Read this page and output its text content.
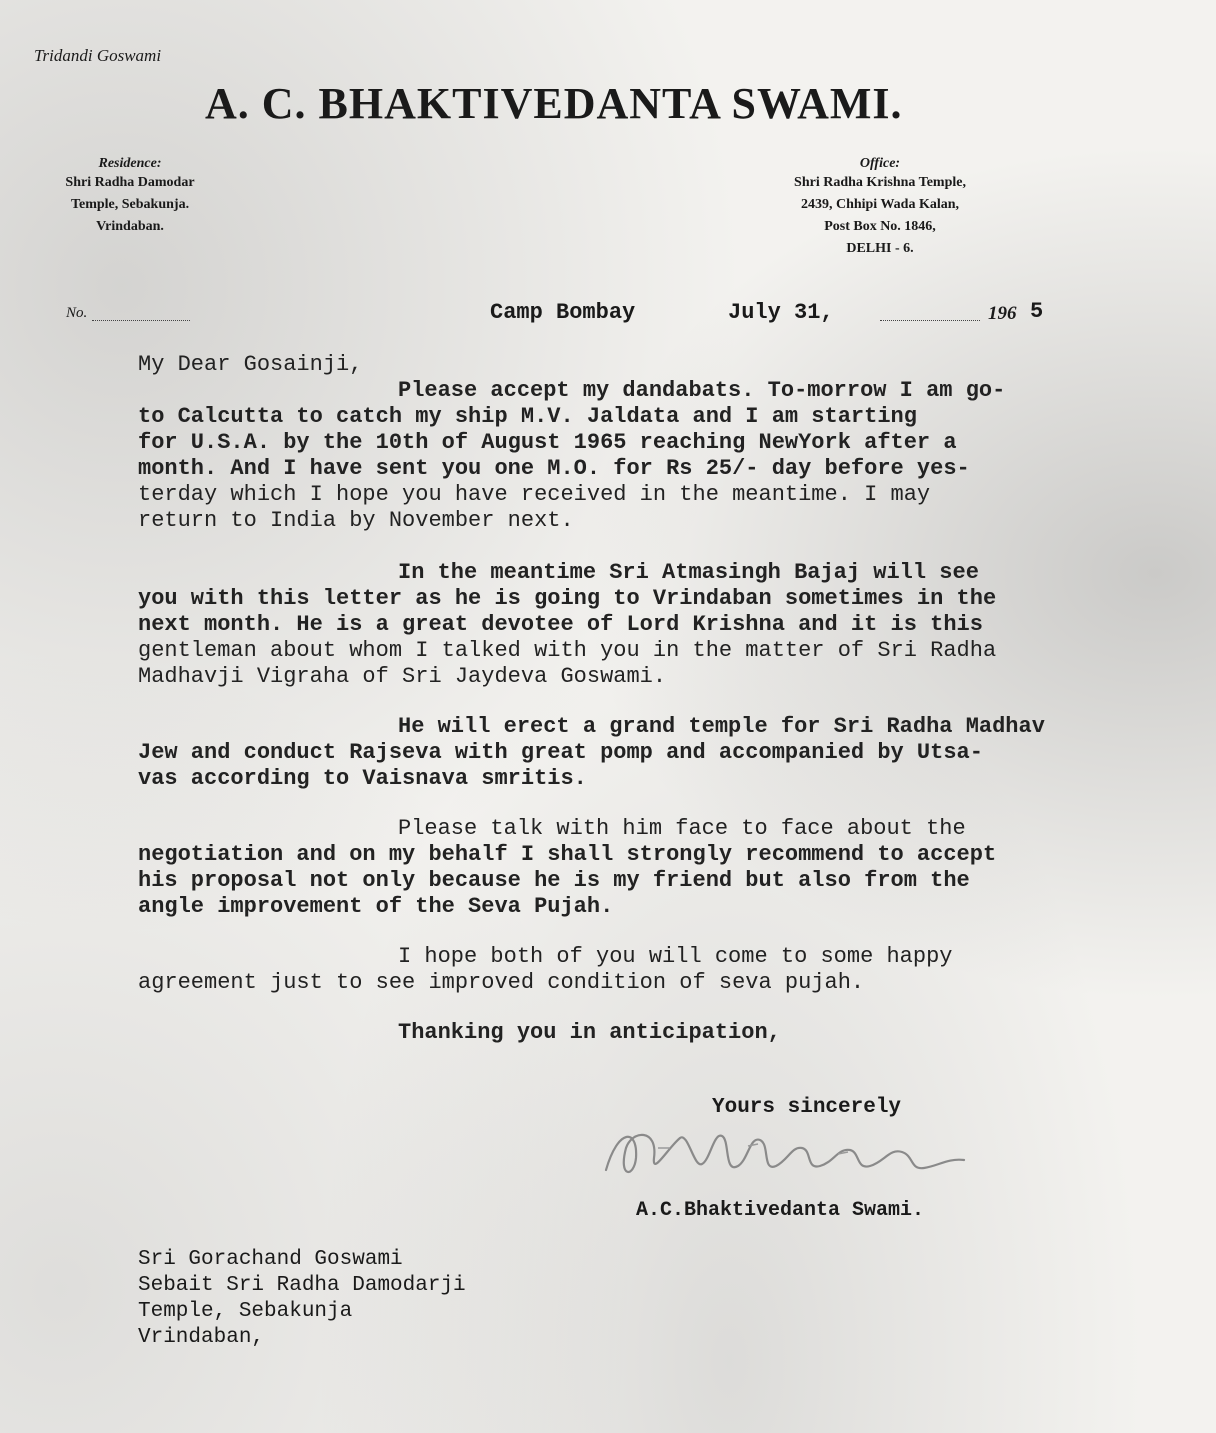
Tridandi Goswami
A. C. BHAKTIVEDANTA SWAMI.
Residence:
Shri Radha Damodar
Temple, Sebakunja.
Vrindaban.
Office:
Shri Radha Krishna Temple,
2439, Chhipi Wada Kalan,
Post Box No. 1846,
DELHI - 6.
No.	Camp Bombay	July 31,	196 5
My Dear Gosainji,
Please accept my dandabats. To-morrow I am go-
to Calcutta to catch my ship M.V. Jaldata and I am starting
for U.S.A. by the 10th of August 1965 reaching NewYork after a
month. And I have sent you one M.O. for Rs 25/- day before yes-
terday which I hope you have received in the meantime. I may
return to India by November next.
In the meantime Sri Atmasingh Bajaj will see
you with this letter as he is going to Vrindaban sometimes in the
next month. He is a great devotee of Lord Krishna and it is this
gentleman about whom I talked with you in the matter of Sri Radha
Madhavji Vigraha of Sri Jaydeva Goswami.
He will erect a grand temple for Sri Radha Madhav
Jew and conduct Rajseva with great pomp and accompanied by Utsa-
vas according to Vaisnava smritis.
Please talk with him face to face about the
negotiation and on my behalf I shall strongly recommend to accept
his proposal not only because he is my friend but also from the
angle improvement of the Seva Pujah.
I hope both of you will come to some happy
agreement just to see improved condition of seva pujah.
Thanking you in anticipation,
Yours sincerely
A.C.Bhaktivedanta Swami.
Sri Gorachand Goswami
Sebait Sri Radha Damodarji
Temple, Sebakunja
Vrindaban,
